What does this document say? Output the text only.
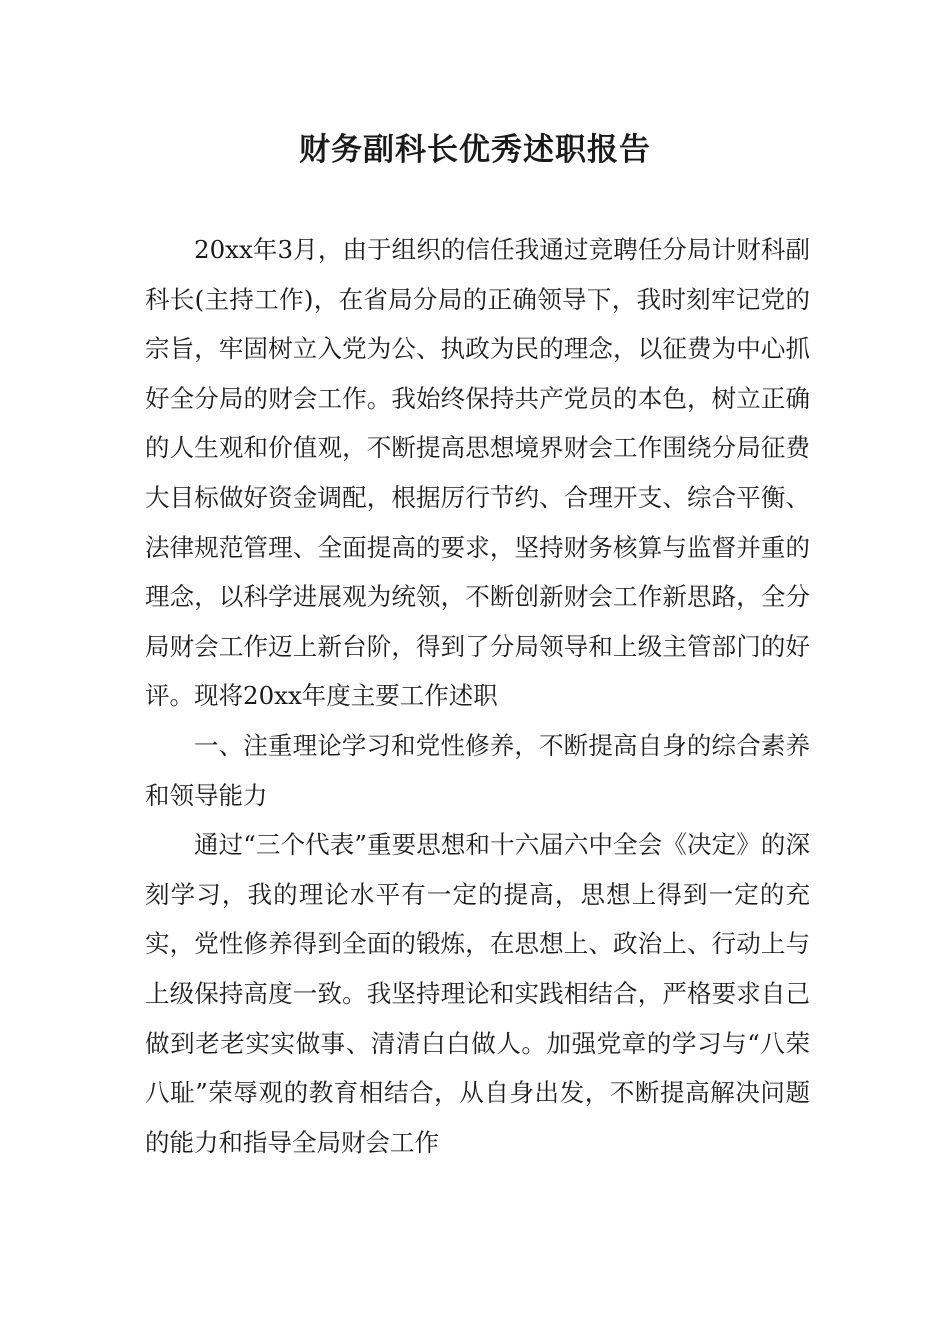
财务副科长优秀述职报告

20xx年3月，由于组织的信任我通过竞聘任分局计财科副科长(主持工作)，在省局分局的正确领导下，我时刻牢记党的宗旨，牢固树立入党为公、执政为民的理念，以征费为中心抓好全分局的财会工作。我始终保持共产党员的本色，树立正确的人生观和价值观，不断提高思想境界财会工作围绕分局征费大目标做好资金调配，根据厉行节约、合理开支、综合平衡、法律规范管理、全面提高的要求，坚持财务核算与监督并重的理念，以科学进展观为统领，不断创新财会工作新思路，全分局财会工作迈上新台阶，得到了分局领导和上级主管部门的好评。现将20xx年度主要工作述职

一、注重理论学习和党性修养，不断提高自身的综合素养和领导能力

通过“三个代表”重要思想和十六届六中全会《决定》的深刻学习，我的理论水平有一定的提高，思想上得到一定的充实，党性修养得到全面的锻炼，在思想上、政治上、行动上与上级保持高度一致。我坚持理论和实践相结合，严格要求自己做到老老实实做事、清清白白做人。加强党章的学习与“八荣八耻”荣辱观的教育相结合，从自身出发，不断提高解决问题的能力和指导全局财会工作
